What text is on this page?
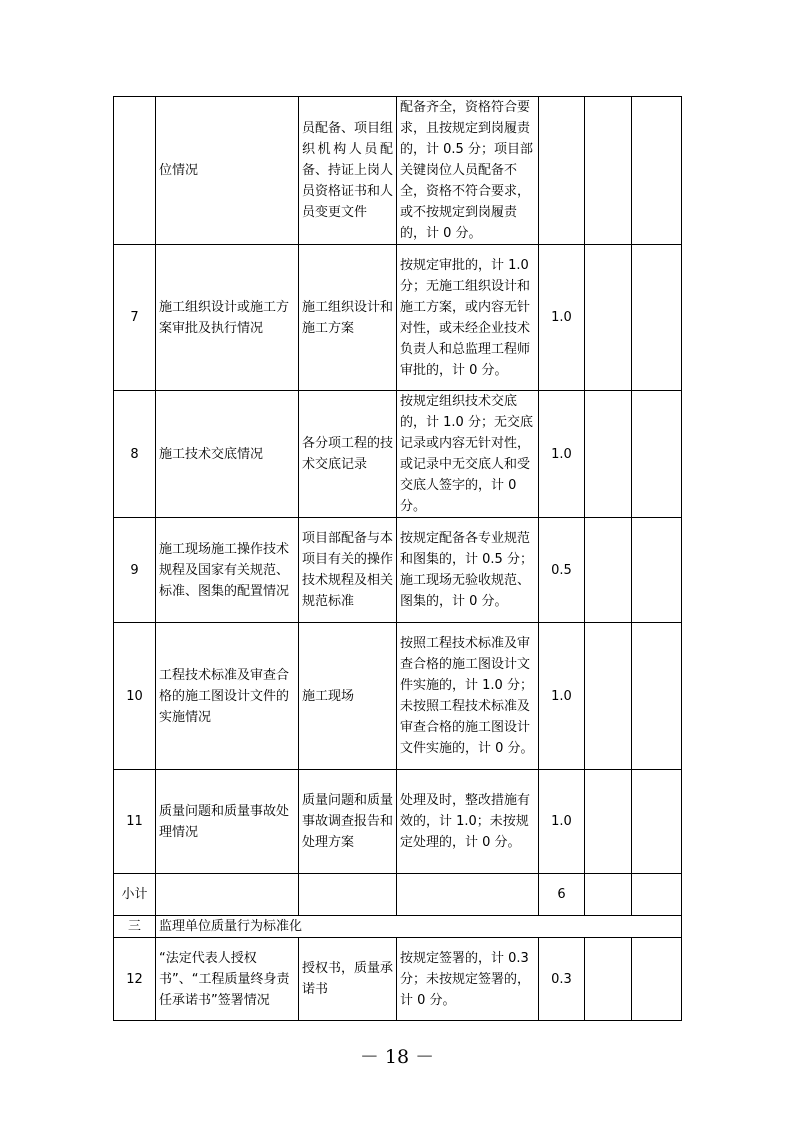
	位情况	员配备、项目组织机构人员配备、持证上岗人员资格证书和人员变更文件	配备齐全，资格符合要求，且按规定到岗履责的，计 0.5 分；项目部关键岗位人员配备不全，资格不符合要求，或不按规定到岗履责的，计 0 分。			
7	施工组织设计或施工方案审批及执行情况	施工组织设计和施工方案	按规定审批的，计 1.0 分；无施工组织设计和施工方案，或内容无针对性，或未经企业技术负责人和总监理工程师审批的，计 0 分。	1.0		
8	施工技术交底情况	各分项工程的技术交底记录	按规定组织技术交底的，计 1.0 分；无交底记录或内容无针对性，或记录中无交底人和受交底人签字的，计 0 分。	1.0		
9	施工现场施工操作技术规程及国家有关规范、标准、图集的配置情况	项目部配备与本项目有关的操作技术规程及相关规范标准	按规定配备各专业规范和图集的，计 0.5 分；施工现场无验收规范、图集的，计 0 分。	0.5		
10	工程技术标准及审查合格的施工图设计文件的实施情况	施工现场	按照工程技术标准及审查合格的施工图设计文件实施的，计 1.0 分；未按照工程技术标准及审查合格的施工图设计文件实施的，计 0 分。	1.0		
11	质量问题和质量事故处理情况	质量问题和质量事故调查报告和处理方案	处理及时，整改措施有效的，计 1.0；未按规定处理的，计 0 分。	1.0		
小计				6		
三	监理单位质量行为标准化					
12	“法定代表人授权书”、“工程质量终身责任承诺书”签署情况	授权书，质量承诺书	按规定签署的，计 0.3 分；未按规定签署的，计 0 分。	0.3		
－ 18 －
